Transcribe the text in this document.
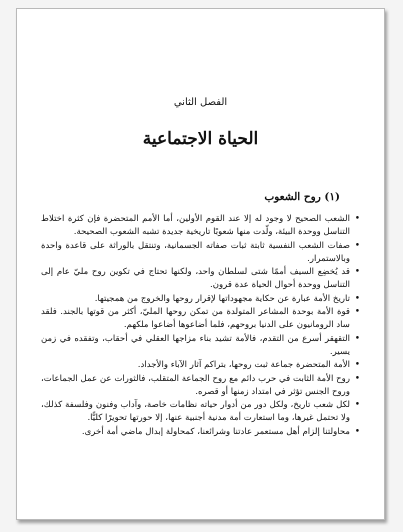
الفصل الثاني
الحياة الاجتماعية
(١) روح الشعوب
• الشعب الصحيح لا وجود له إلا عند القوم الأولين، أما الأمم المتحضرة فإن كثرة اختلاط التناسل ووحدة البيئة، ولّدت منها شعوبًا تاريخية جديدة تشبه الشعوب الصحيحة.
• صفات الشعب النفسية ثابتة ثبات صفاته الجسمانية، وتنتقل بالوراثة على قاعدة واحدة وبالاستمرار.
• قد يُخضِع السيف أممًا شتى لسلطان واحد، ولكنها تحتاج في تكوين روح مليّ عام إلى التناسل ووحدة أحوال الحياة عدة قرون.
• تاريخ الأمة عبارة عن حكاية مجهوداتها لإقرار روحها والخروج من همجيتها.
• قوة الأمة بوحدة المشاعر المتولدة من تمكن روحها المليّ، أكثر من قوتها بالجند. فلقد ساد الرومانيون على الدنيا بروحهم، فلما أضاعوها أضاعوا ملكهم.
• التقهقر أسرع من التقدم، فالأمة تشيد بناء مزاجها العقلي في أحقاب، وتفقده في زمن يسير.
• الأمة المتحضرة جماعة ثبت روحها، بتراكم آثار الآباء والأجداد.
• روح الأمة الثابت في حرب دائم مع روح الجماعة المتقلب، فالثورات عن عمل الجماعات، وروح الجنس تؤثر في امتداد زمنها أو قصره.
• لكل شعب تاريخ، ولكل دور من أدوار حياته نظامات خاصة، وآداب وفنون وفلسفة كذلك، ولا تحتمل غيرها، وما استعارت أمة مدنية أجنبية عنها، إلا حورتها تحويرًا كليًّا.
• محاولتنا إلزام أهل مستعمر عادتنا وشرائعنا، كمحاولة إبدال ماضي أمة أخرى.
